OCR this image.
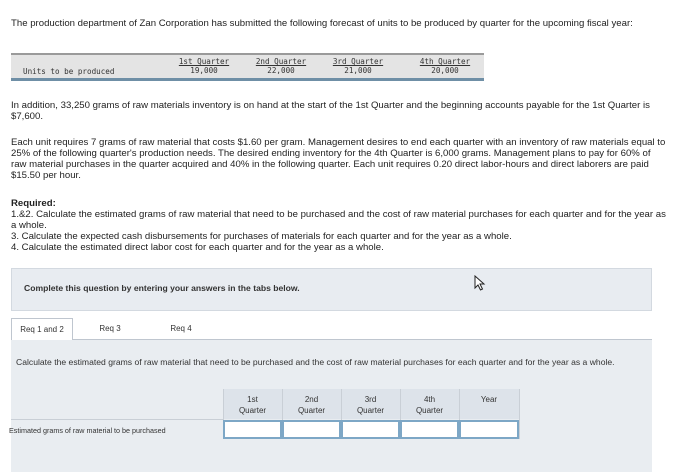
The production department of Zan Corporation has submitted the following forecast of units to be produced by quarter for the upcoming fiscal year:
Units to be produced
1st Quarter
19,000
2nd Quarter
22,000
3rd Quarter
21,000
4th Quarter
20,000
In addition, 33,250 grams of raw materials inventory is on hand at the start of the 1st Quarter and the beginning accounts payable for the 1st Quarter is $7,600.
Each unit requires 7 grams of raw material that costs $1.60 per gram. Management desires to end each quarter with an inventory of raw materials equal to 25% of the following quarter's production needs. The desired ending inventory for the 4th Quarter is 6,000 grams. Management plans to pay for 60% of raw material purchases in the quarter acquired and 40% in the following quarter. Each unit requires 0.20 direct labor-hours and direct laborers are paid $15.50 per hour.
Required:
1.&2. Calculate the estimated grams of raw material that need to be purchased and the cost of raw material purchases for each quarter and for the year as a whole.
3. Calculate the expected cash disbursements for purchases of materials for each quarter and for the year as a whole.
4. Calculate the estimated direct labor cost for each quarter and for the year as a whole.
Complete this question by entering your answers in the tabs below.
Req 1 and 2	Req 3	Req 4
Calculate the estimated grams of raw material that need to be purchased and the cost of raw material purchases for each quarter and for the year as a whole.
1st
Quarter
2nd
Quarter
3rd
Quarter
4th
Quarter
Year
Estimated grams of raw material to be purchased
